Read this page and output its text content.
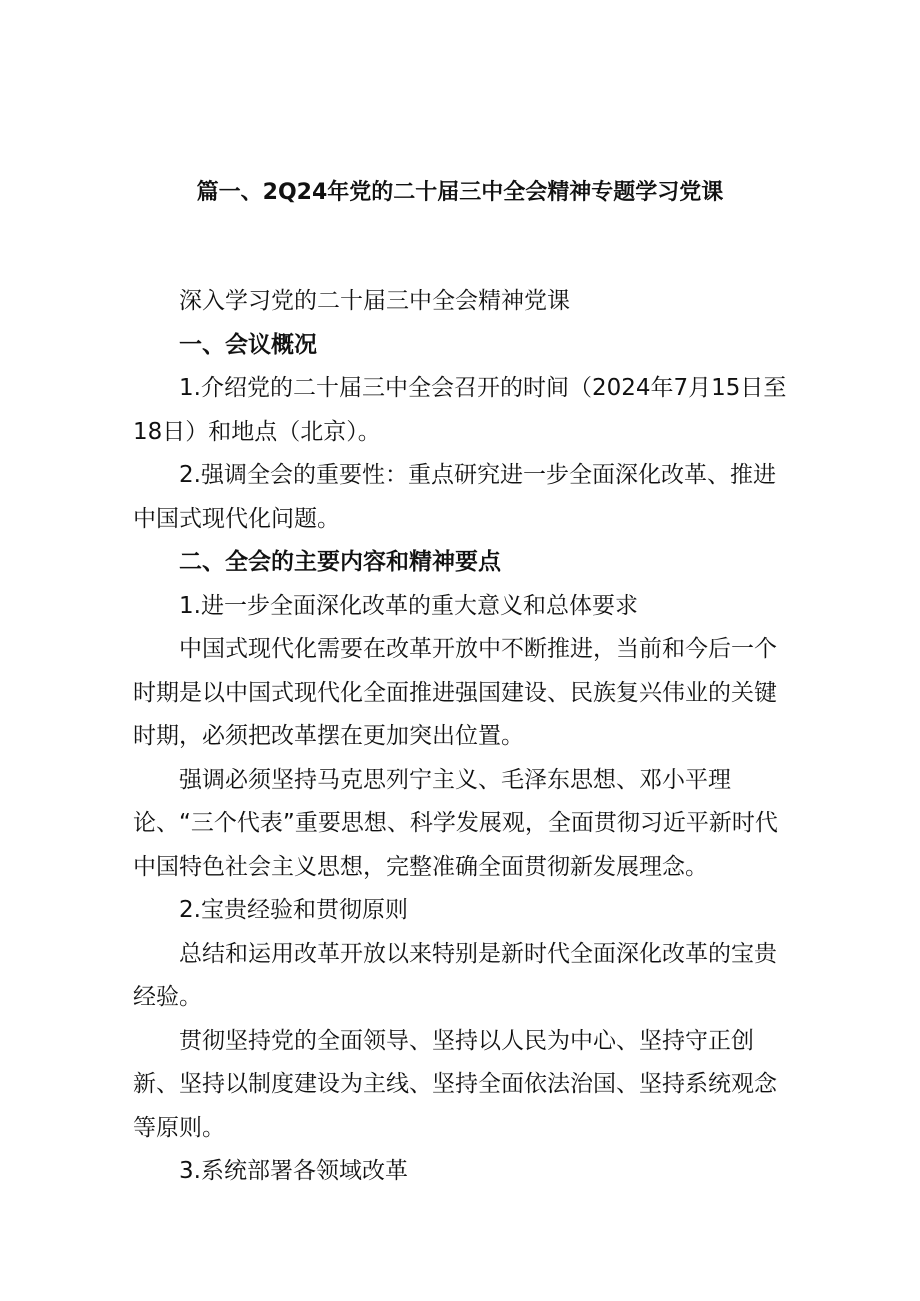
篇一、2Q24年党的二十届三中全会精神专题学习党课

深入学习党的二十届三中全会精神党课

一、会议概况

1.介绍党的二十届三中全会召开的时间（2024年7月15日至18日）和地点（北京）。

2.强调全会的重要性：重点研究进一步全面深化改革、推进中国式现代化问题。

二、全会的主要内容和精神要点

1.进一步全面深化改革的重大意义和总体要求

中国式现代化需要在改革开放中不断推进，当前和今后一个时期是以中国式现代化全面推进强国建设、民族复兴伟业的关键时期，必须把改革摆在更加突出位置。

强调必须坚持马克思列宁主义、毛泽东思想、邓小平理论、“三个代表”重要思想、科学发展观，全面贯彻习近平新时代中国特色社会主义思想，完整准确全面贯彻新发展理念。

2.宝贵经验和贯彻原则

总结和运用改革开放以来特别是新时代全面深化改革的宝贵经验。

贯彻坚持党的全面领导、坚持以人民为中心、坚持守正创新、坚持以制度建设为主线、坚持全面依法治国、坚持系统观念等原则。

3.系统部署各领域改革
